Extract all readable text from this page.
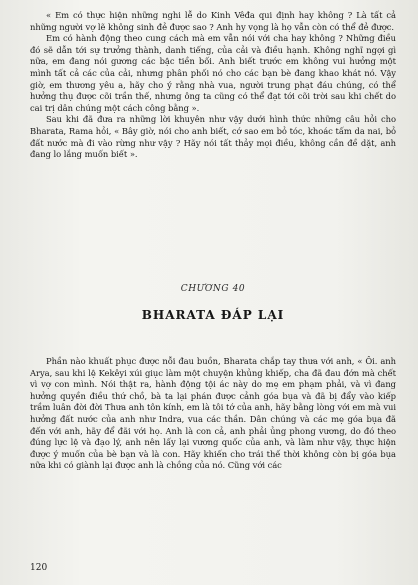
« Em có thực hiện những nghi lễ do Kinh Vêđa qui định hay không ? Là tất cả những người vợ lẽ không sinh đẻ được sao ? Anh hy vọng là họ vẫn còn có thể đẻ được.

Em có hành động theo cung cách mà em vẫn nói với cha hay không ? Những điều đó sẽ dẫn tới sự trưởng thành, danh tiếng, của cải và điều hạnh. Không nghĩ ngợi gì nữa, em đang nói gương các bậc tiền bối. Anh biết trước em không vui hưởng một mình tất cả các của cải, nhưng phân phối nó cho các bạn bè đang khao khát nó. Vậy giờ, em thương yêu a, hãy cho ý rằng nhà vua, người trung phạt đáu chúng, có thể hưởng thụ được cõi trần thế, nhưng ông ta cũng có thể đạt tới cõi trời sau khi chết do cai trị dân chúng một cách công bằng ».

Sau khi đã đưa ra những lời khuyên như vậy dưới hình thức những câu hỏi cho Bharata, Rama hỏi, « Bây giờ, nói cho anh biết, cớ sao em bỏ tóc, khoác tấm da nai, bỏ đất nước mà đi vào rừng như vậy ? Hãy nói tất thảy mọi điều, không cần đề dặt, anh đang lo lắng muốn biết ».

CHƯƠNG 40
BHARATA ĐÁP LẠI

Phần nào khuất phục được nỗi đau buồn, Bharata chắp tay thưa với anh, « Ôi. anh Arya, sau khi lệ Kekêyi xúi giục làm một chuyện khủng khiếp, cha đã đau đớn mà chết vì vợ con mình. Nói thật ra, hành động tội ác này do mẹ em phạm phải, và vì đang hưởng quyền điều thứ chồ, bà ta lại phán được cảnh góa bụa và đã bị đẩy vào kiếp trầm luân đời đời Thưa anh tôn kính, em là tôi tớ của anh, hãy bằng lòng với em mà vui hưởng đất nước của anh như Indra, vua các thần. Dân chúng và các mẹ góa bụa đã đến với anh, hãy để đãi với họ. Anh là con cả, anh phải ủng phong vương, do đó theo đúng lực lệ và đạo lý, anh nên lấy lại vương quốc của anh, và làm như vậy, thực hiện được ý muốn của bè bạn và là con. Hãy khiến cho trái thế thời không còn bị góa bụa nữa khi có giành lại được anh là chồng của nó. Cũng với các

120
